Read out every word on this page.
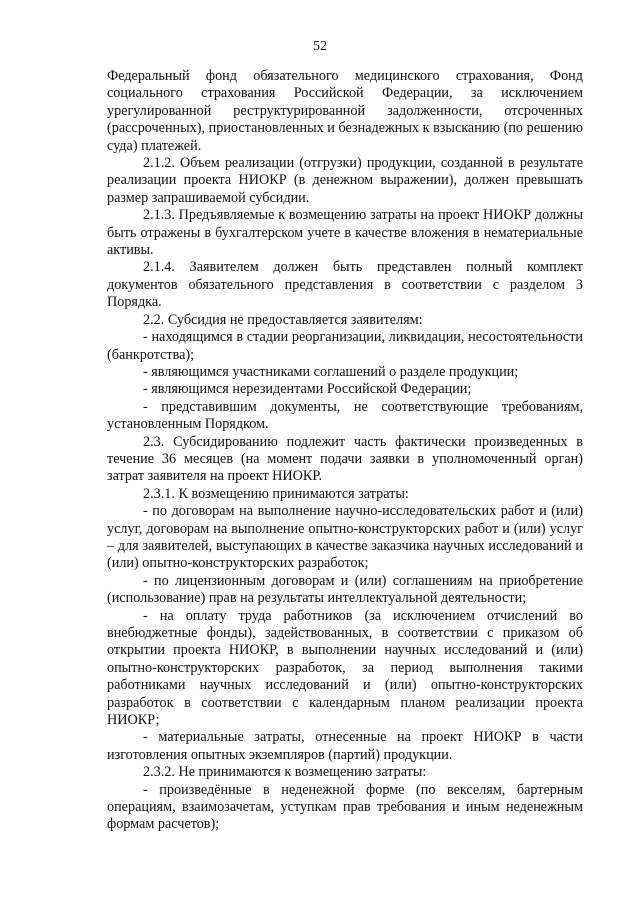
52

Федеральный фонд обязательного медицинского страхования, Фонд социального страхования Российской Федерации, за исключением урегулированной реструктурированной задолженности, отсроченных (рассроченных), приостановленных и безнадежных к взысканию (по решению суда) платежей.

2.1.2. Объем реализации (отгрузки) продукции, созданной в результате реализации проекта НИОКР (в денежном выражении), должен превышать размер запрашиваемой субсидии.

2.1.3. Предъявляемые к возмещению затраты на проект НИОКР должны быть отражены в бухгалтерском учете в качестве вложения в нематериальные активы.

2.1.4. Заявителем должен быть представлен полный комплект документов обязательного представления в соответствии с разделом 3 Порядка.

2.2. Субсидия не предоставляется заявителям:

- находящимся в стадии реорганизации, ликвидации, несостоятельности (банкротства);

- являющимся участниками соглашений о разделе продукции;

- являющимся нерезидентами Российской Федерации;

- представившим документы, не соответствующие требованиям, установленным Порядком.

2.3. Субсидированию подлежит часть фактически произведенных в течение 36 месяцев (на момент подачи заявки в уполномоченный орган) затрат заявителя на проект НИОКР.

2.3.1. К возмещению принимаются затраты:

- по договорам на выполнение научно-исследовательских работ и (или) услуг, договорам на выполнение опытно-конструкторских работ и (или) услуг – для заявителей, выступающих в качестве заказчика научных исследований и (или) опытно-конструкторских разработок;

- по лицензионным договорам и (или) соглашениям на приобретение (использование) прав на результаты интеллектуальной деятельности;

- на оплату труда работников (за исключением отчислений во внебюджетные фонды), задействованных, в соответствии с приказом об открытии проекта НИОКР, в выполнении научных исследований и (или) опытно-конструкторских разработок, за период выполнения такими работниками научных исследований и (или) опытно-конструкторских разработок в соответствии с календарным планом реализации проекта НИОКР;

- материальные затраты, отнесенные на проект НИОКР в части изготовления опытных экземпляров (партий) продукции.

2.3.2. Не принимаются к возмещению затраты:

- произведённые в неденежной форме (по векселям, бартерным операциям, взаимозачетам, уступкам прав требования и иным неденежным формам расчетов);
